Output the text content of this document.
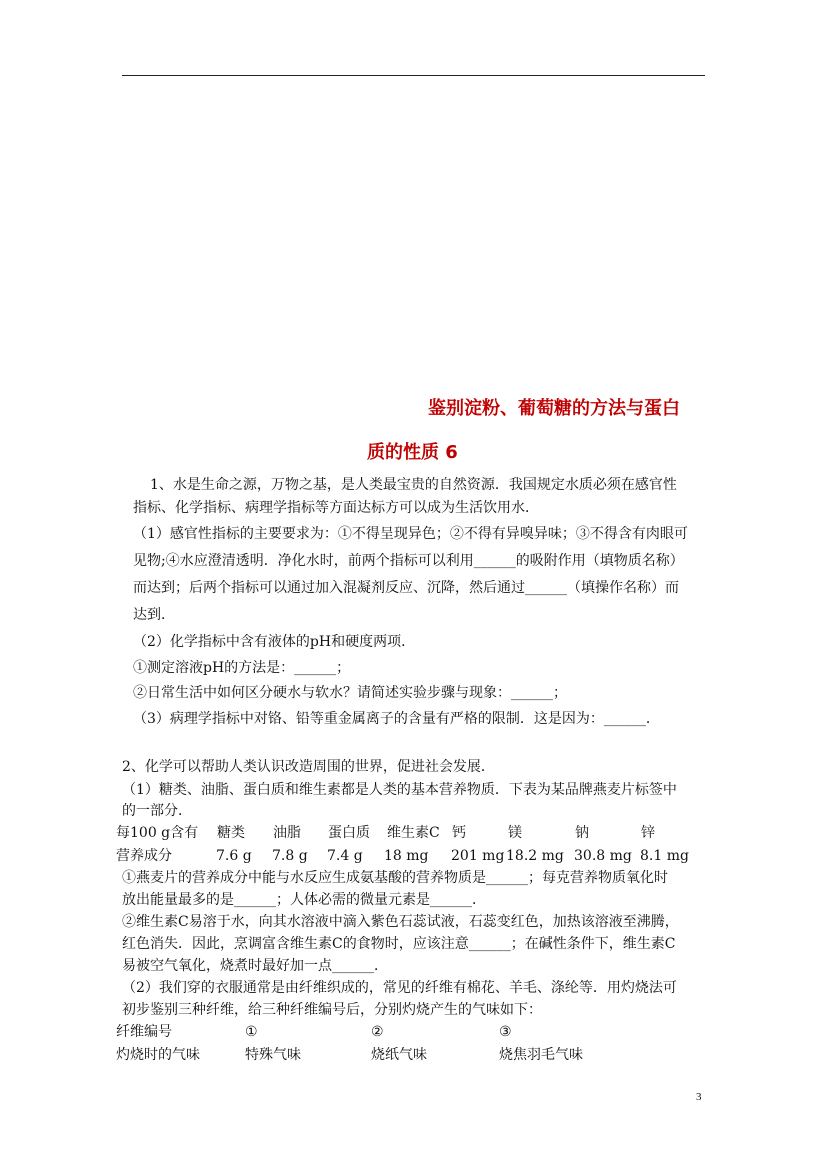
鉴别淀粉、葡萄糖的方法与蛋白
质的性质 6
1、水是生命之源，万物之基，是人类最宝贵的自然资源．我国规定水质必须在感官性
指标、化学指标、病理学指标等方面达标方可以成为生活饮用水．
（1）感官性指标的主要要求为：①不得呈现异色；②不得有异嗅异味；③不得含有肉眼可
见物;④水应澄清透明．净化水时，前两个指标可以利用______的吸附作用（填物质名称）
而达到；后两个指标可以通过加入混凝剂反应、沉降，然后通过______（填操作名称）而
达到．
（2）化学指标中含有液体的pH和硬度两项．
①测定溶液pH的方法是：______；
②日常生活中如何区分硬水与软水？请简述实验步骤与现象：______；
（3）病理学指标中对铬、铅等重金属离子的含量有严格的限制．这是因为：______．
2、化学可以帮助人类认识改造周围的世界，促进社会发展．
（1）糖类、油脂、蛋白质和维生素都是人类的基本营养物质．下表为某品牌燕麦片标签中
的一部分．
每100 g含有 糖类 油脂 蛋白质 维生素C 钙	镁	钠	锌
营养成分	7.6 g 7.8 g 7.4 g 18 mg 201 mg 18.2 mg 30.8 mg 8.1 mg
①燕麦片的营养成分中能与水反应生成氨基酸的营养物质是______；每克营养物质氧化时
放出能量最多的是______；人体必需的微量元素是______．
②维生素C易溶于水，向其水溶液中滴入紫色石蕊试液，石蕊变红色，加热该溶液至沸腾，
红色消失．因此，烹调富含维生素C的食物时，应该注意______；在碱性条件下，维生素C
易被空气氧化，烧煮时最好加一点______．
（2）我们穿的衣服通常是由纤维织成的，常见的纤维有棉花、羊毛、涤纶等．用灼烧法可
初步鉴别三种纤维，给三种纤维编号后，分别灼烧产生的气味如下：
纤维编号	①	②	③
灼烧时的气味	特殊气味	烧纸气味	烧焦羽毛气味
3
